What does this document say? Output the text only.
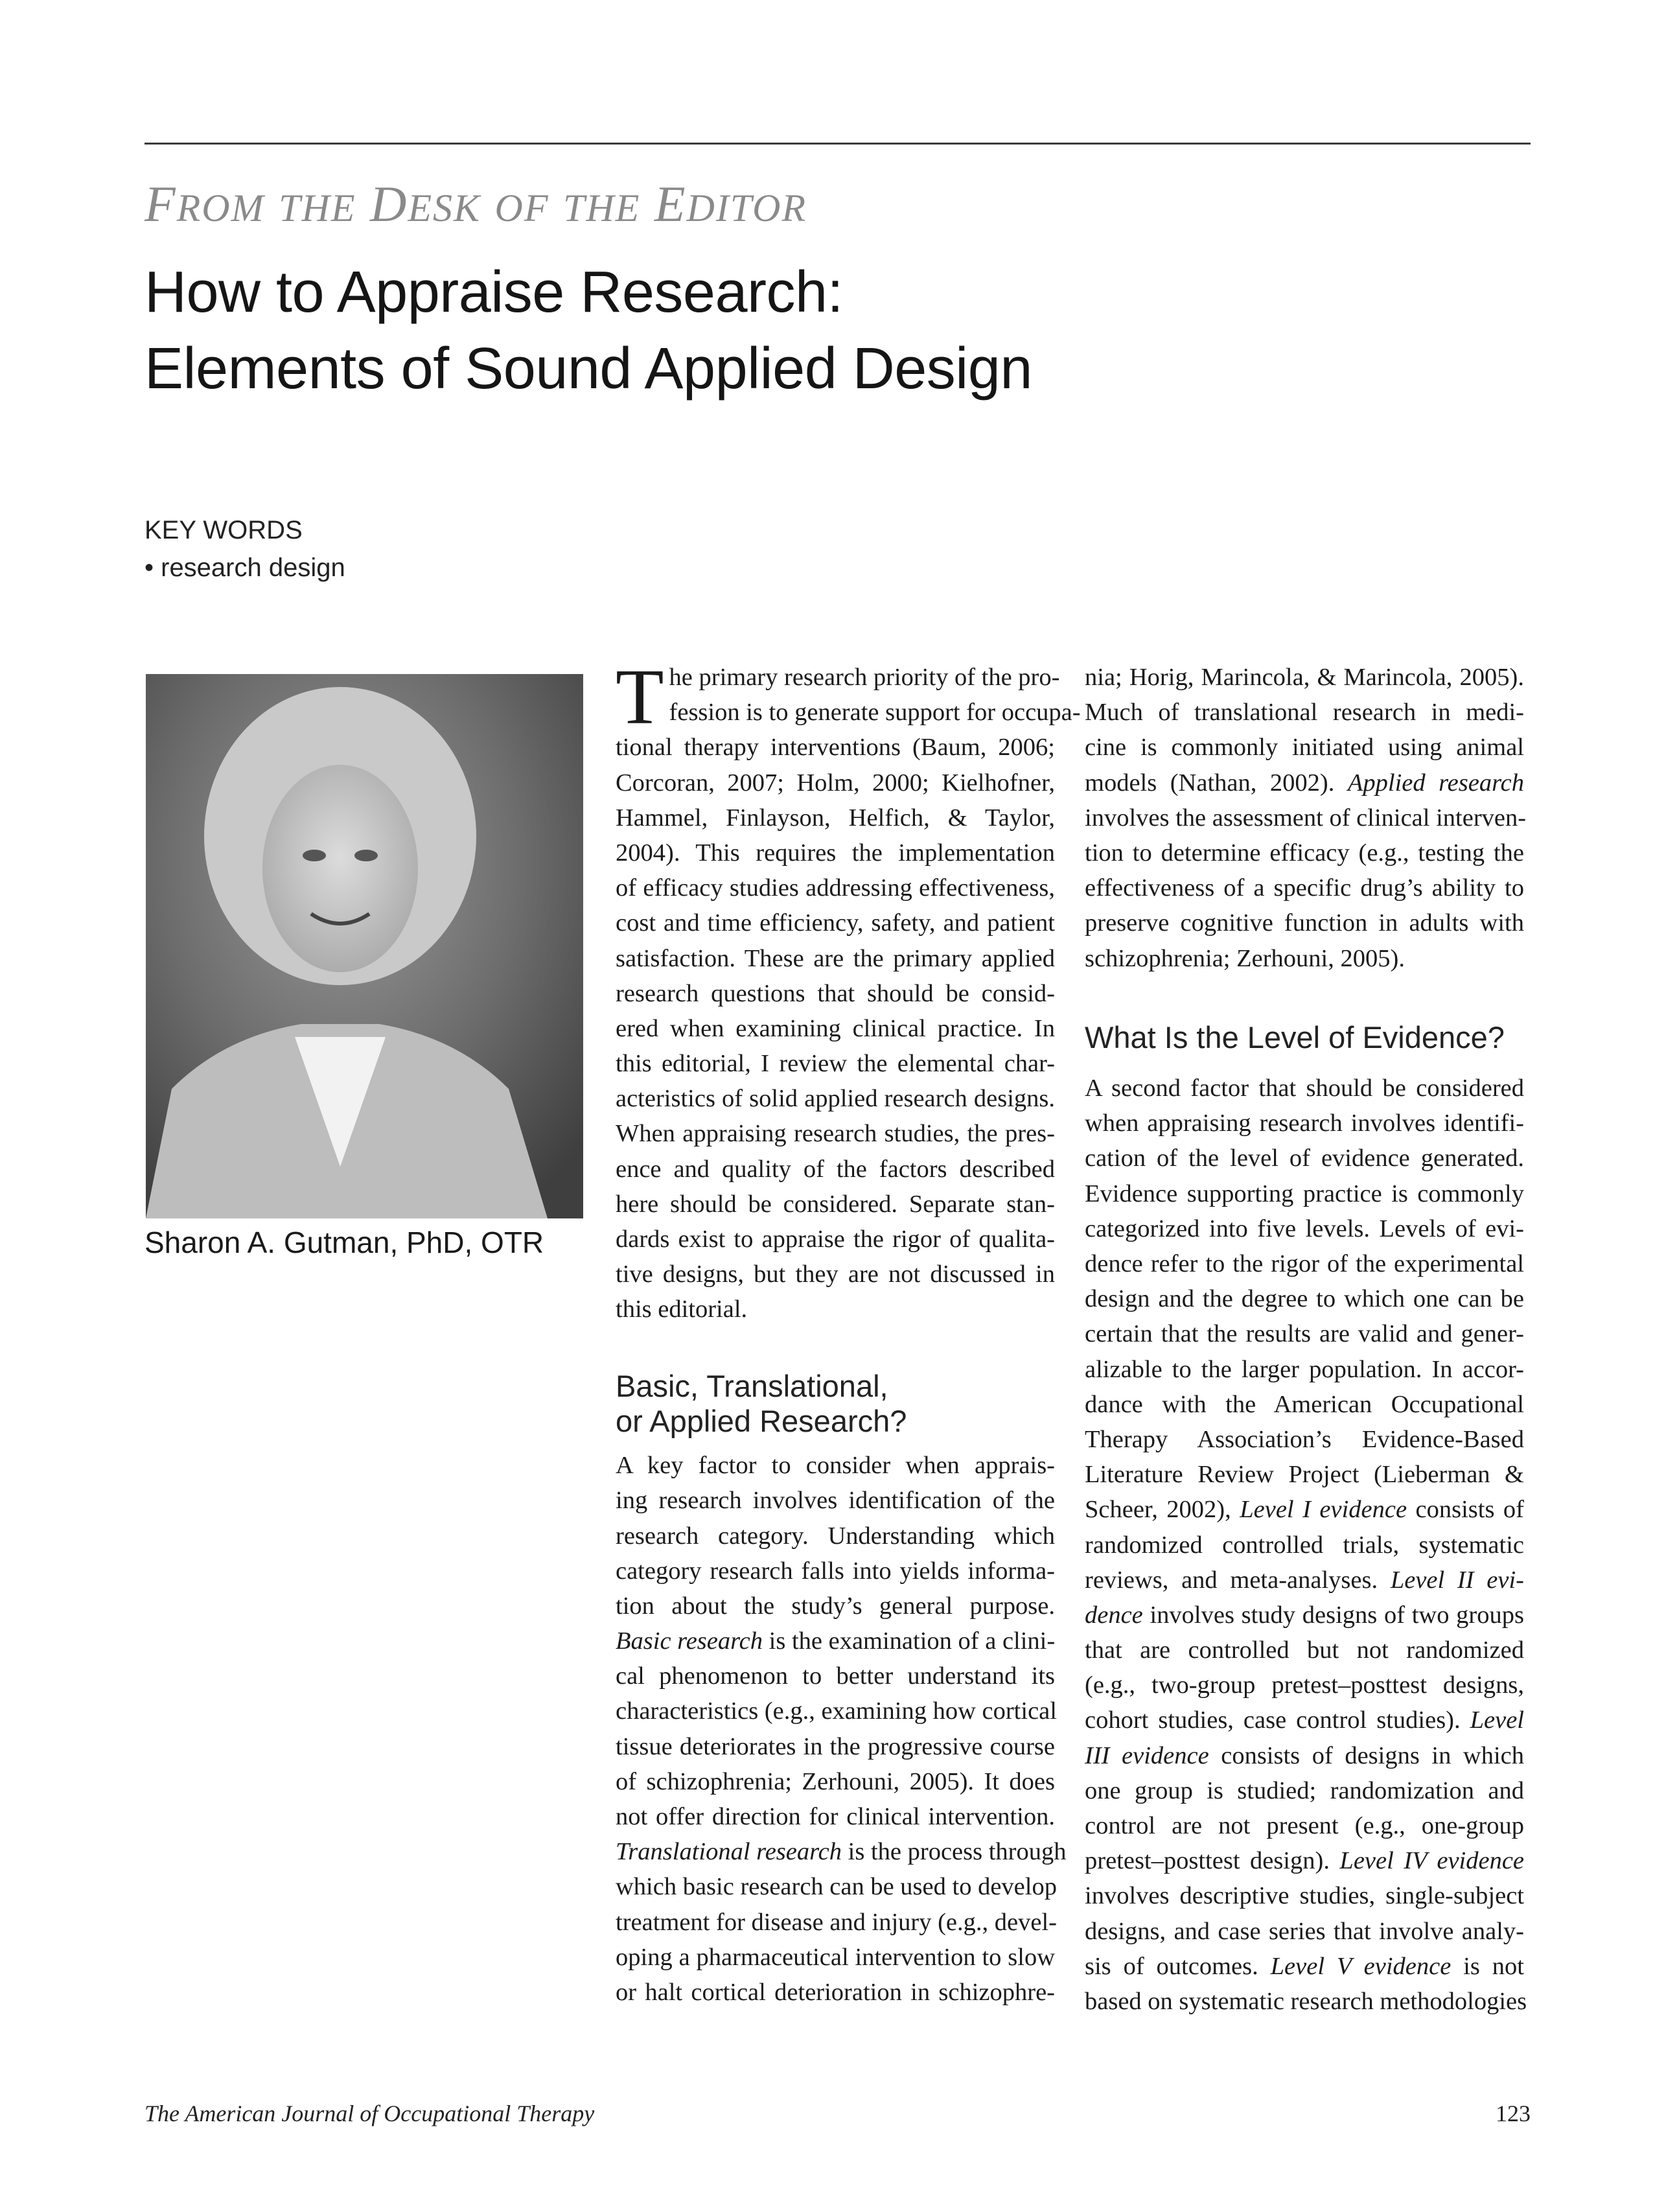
FROM THE DESK OF THE EDITOR
How to Appraise Research:
Elements of Sound Applied Design
KEY WORDS
• research design
Sharon A. Gutman, PhD, OTR
T he primary research priority of the pro-
fession is to generate support for occupa-
tional therapy interventions (Baum, 2006;
Corcoran, 2007; Holm, 2000; Kielhofner,
Hammel, Finlayson, Helfich, & Taylor,
2004). This requires the implementation
of efficacy studies addressing effectiveness,
cost and time efficiency, safety, and patient
satisfaction. These are the primary applied
research questions that should be consid-
ered when examining clinical practice. In
this editorial, I review the elemental char-
acteristics of solid applied research designs.
When appraising research studies, the pres-
ence and quality of the factors described
here should be considered. Separate stan-
dards exist to appraise the rigor of qualita-
tive designs, but they are not discussed in
this editorial.
Basic, Translational,
or Applied Research?
A key factor to consider when apprais-
ing research involves identification of the
research category. Understanding which
category research falls into yields informa-
tion about the study’s general purpose.
Basic research is the examination of a clini-
cal phenomenon to better understand its
characteristics (e.g., examining how cortical
tissue deteriorates in the progressive course
of schizophrenia; Zerhouni, 2005). It does
not offer direction for clinical intervention.
Translational research is the process through
which basic research can be used to develop
treatment for disease and injury (e.g., devel-
oping a pharmaceutical intervention to slow
or halt cortical deterioration in schizophre-
nia; Horig, Marincola, & Marincola, 2005).
Much of translational research in medi-
cine is commonly initiated using animal
models (Nathan, 2002). Applied research
involves the assessment of clinical interven-
tion to determine efficacy (e.g., testing the
effectiveness of a specific drug’s ability to
preserve cognitive function in adults with
schizophrenia; Zerhouni, 2005).
What Is the Level of Evidence?
A second factor that should be considered
when appraising research involves identifi-
cation of the level of evidence generated.
Evidence supporting practice is commonly
categorized into five levels. Levels of evi-
dence refer to the rigor of the experimental
design and the degree to which one can be
certain that the results are valid and gener-
alizable to the larger population. In accor-
dance with the American Occupational
Therapy Association’s Evidence-Based
Literature Review Project (Lieberman &
Scheer, 2002), Level I evidence consists of
randomized controlled trials, systematic
reviews, and meta-analyses. Level II evi-
dence involves study designs of two groups
that are controlled but not randomized
(e.g., two-group pretest–posttest designs,
cohort studies, case control studies). Level
III evidence consists of designs in which
one group is studied; randomization and
control are not present (e.g., one-group
pretest–posttest design). Level IV evidence
involves descriptive studies, single-subject
designs, and case series that involve analy-
sis of outcomes. Level V evidence is not
based on systematic research methodologies
The American Journal of Occupational Therapy	123
